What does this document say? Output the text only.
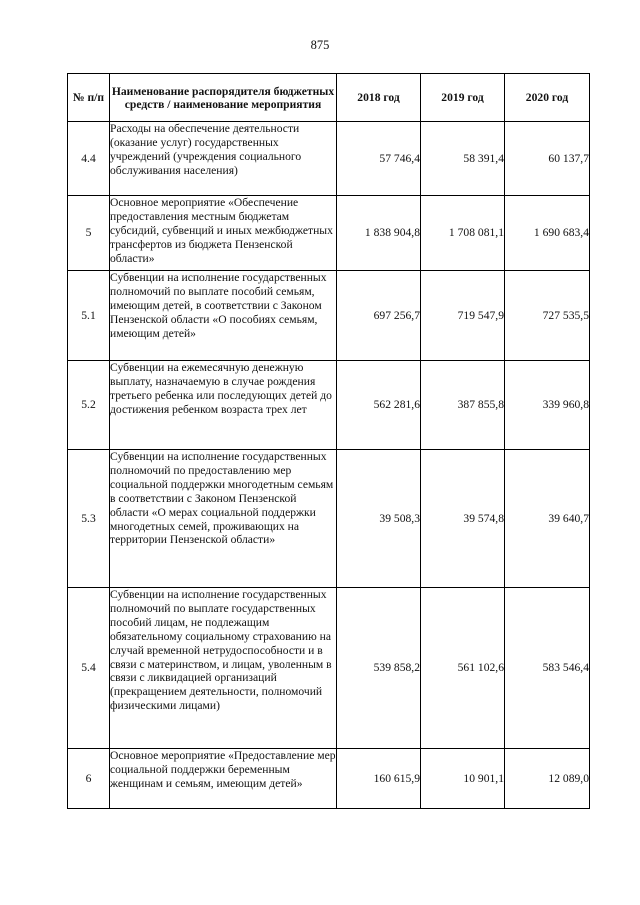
875
№ п/п	Наименование распорядителя бюджетных средств / наименование мероприятия	2018 год	2019 год	2020 год
4.4	Расходы на обеспечение деятельности (оказание услуг) государственных учреждений (учреждения социального обслуживания населения)	57 746,4	58 391,4	60 137,7
5	Основное мероприятие «Обеспечение предоставления местным бюджетам субсидий, субвенций и иных межбюджетных трансфертов из бюджета Пензенской области»	1 838 904,8	1 708 081,1	1 690 683,4
5.1	Субвенции на исполнение государственных полномочий по выплате пособий семьям, имеющим детей, в соответствии с Законом Пензенской области «О пособиях семьям, имеющим детей»	697 256,7	719 547,9	727 535,5
5.2	Субвенции на ежемесячную денежную выплату, назначаемую в случае рождения третьего ребенка или последующих детей до достижения ребенком возраста трех лет	562 281,6	387 855,8	339 960,8
5.3	Субвенции на исполнение государственных полномочий по предоставлению мер социальной поддержки многодетным семьям в соответствии с Законом Пензенской области «О мерах социальной поддержки многодетных семей, проживающих на территории Пензенской области»	39 508,3	39 574,8	39 640,7
5.4	Субвенции на исполнение государственных полномочий по выплате государственных пособий лицам, не подлежащим обязательному социальному страхованию на случай временной нетрудоспособности и в связи с материнством, и лицам, уволенным в связи с ликвидацией организаций (прекращением деятельности, полномочий физическими лицами)	539 858,2	561 102,6	583 546,4
6	Основное мероприятие «Предоставление мер социальной поддержки беременным женщинам и семьям, имеющим детей»	160 615,9	10 901,1	12 089,0
